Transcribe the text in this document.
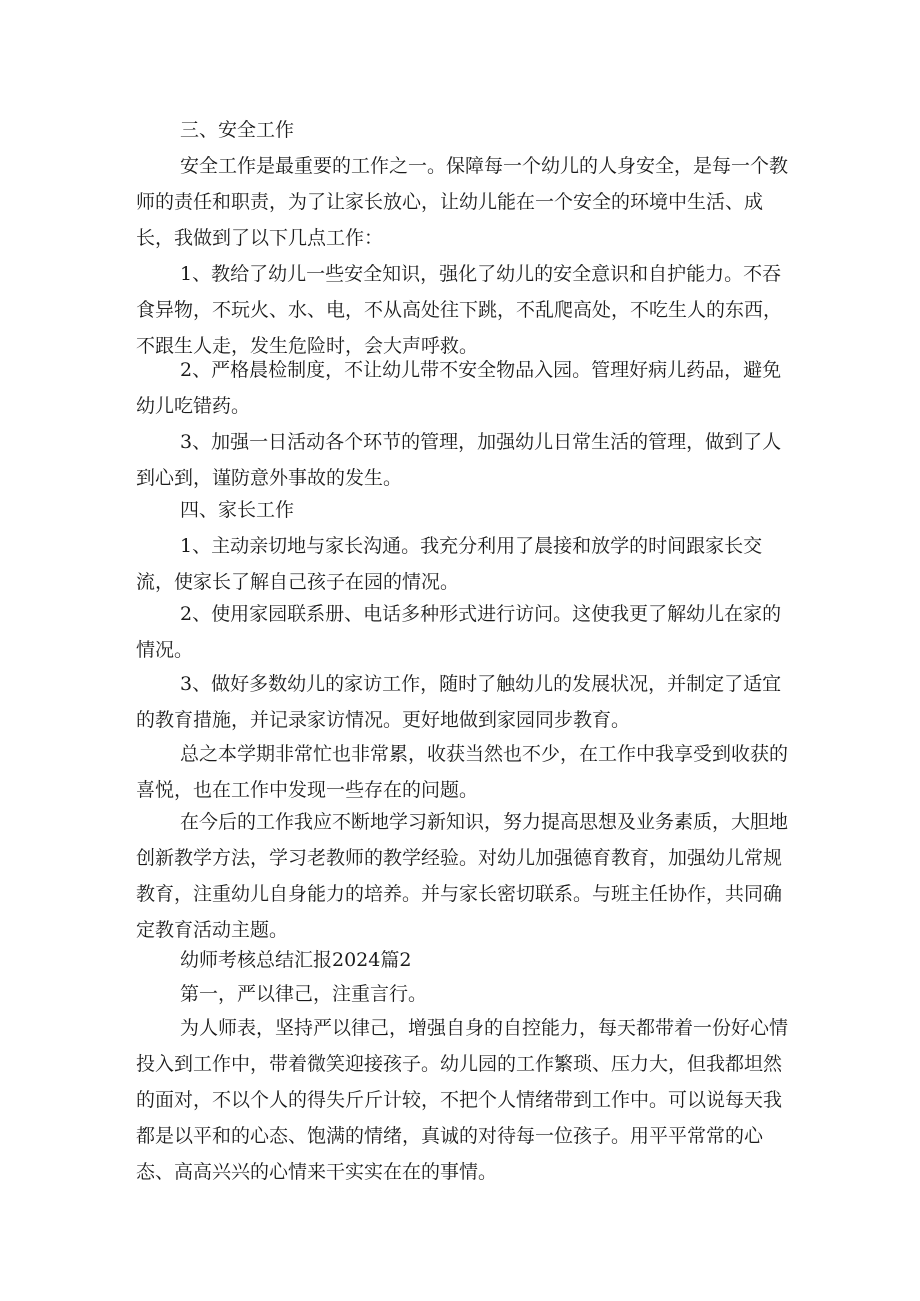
三、安全工作

安全工作是最重要的工作之一。保障每一个幼儿的人身安全，是每一个教师的责任和职责，为了让家长放心，让幼儿能在一个安全的环境中生活、成长，我做到了以下几点工作：

1、教给了幼儿一些安全知识，强化了幼儿的安全意识和自护能力。不吞食异物，不玩火、水、电，不从高处往下跳，不乱爬高处，不吃生人的东西，不跟生人走，发生危险时，会大声呼救。

2、严格晨检制度，不让幼儿带不安全物品入园。管理好病儿药品，避免幼儿吃错药。

3、加强一日活动各个环节的管理，加强幼儿日常生活的管理，做到了人到心到，谨防意外事故的发生。

四、家长工作

1、主动亲切地与家长沟通。我充分利用了晨接和放学的时间跟家长交流，使家长了解自己孩子在园的情况。

2、使用家园联系册、电话多种形式进行访问。这使我更了解幼儿在家的情况。

3、做好多数幼儿的家访工作，随时了触幼儿的发展状况，并制定了适宜的教育措施，并记录家访情况。更好地做到家园同步教育。

总之本学期非常忙也非常累，收获当然也不少，在工作中我享受到收获的喜悦，也在工作中发现一些存在的问题。

在今后的工作我应不断地学习新知识，努力提高思想及业务素质，大胆地创新教学方法，学习老教师的教学经验。对幼儿加强德育教育，加强幼儿常规教育，注重幼儿自身能力的培养。并与家长密切联系。与班主任协作，共同确定教育活动主题。

幼师考核总结汇报2024篇2

第一，严以律己，注重言行。

为人师表，坚持严以律己，增强自身的自控能力，每天都带着一份好心情投入到工作中，带着微笑迎接孩子。幼儿园的工作繁琐、压力大，但我都坦然的面对，不以个人的得失斤斤计较，不把个人情绪带到工作中。可以说每天我都是以平和的心态、饱满的情绪，真诚的对待每一位孩子。用平平常常的心态、高高兴兴的心情来干实实在在的事情。
